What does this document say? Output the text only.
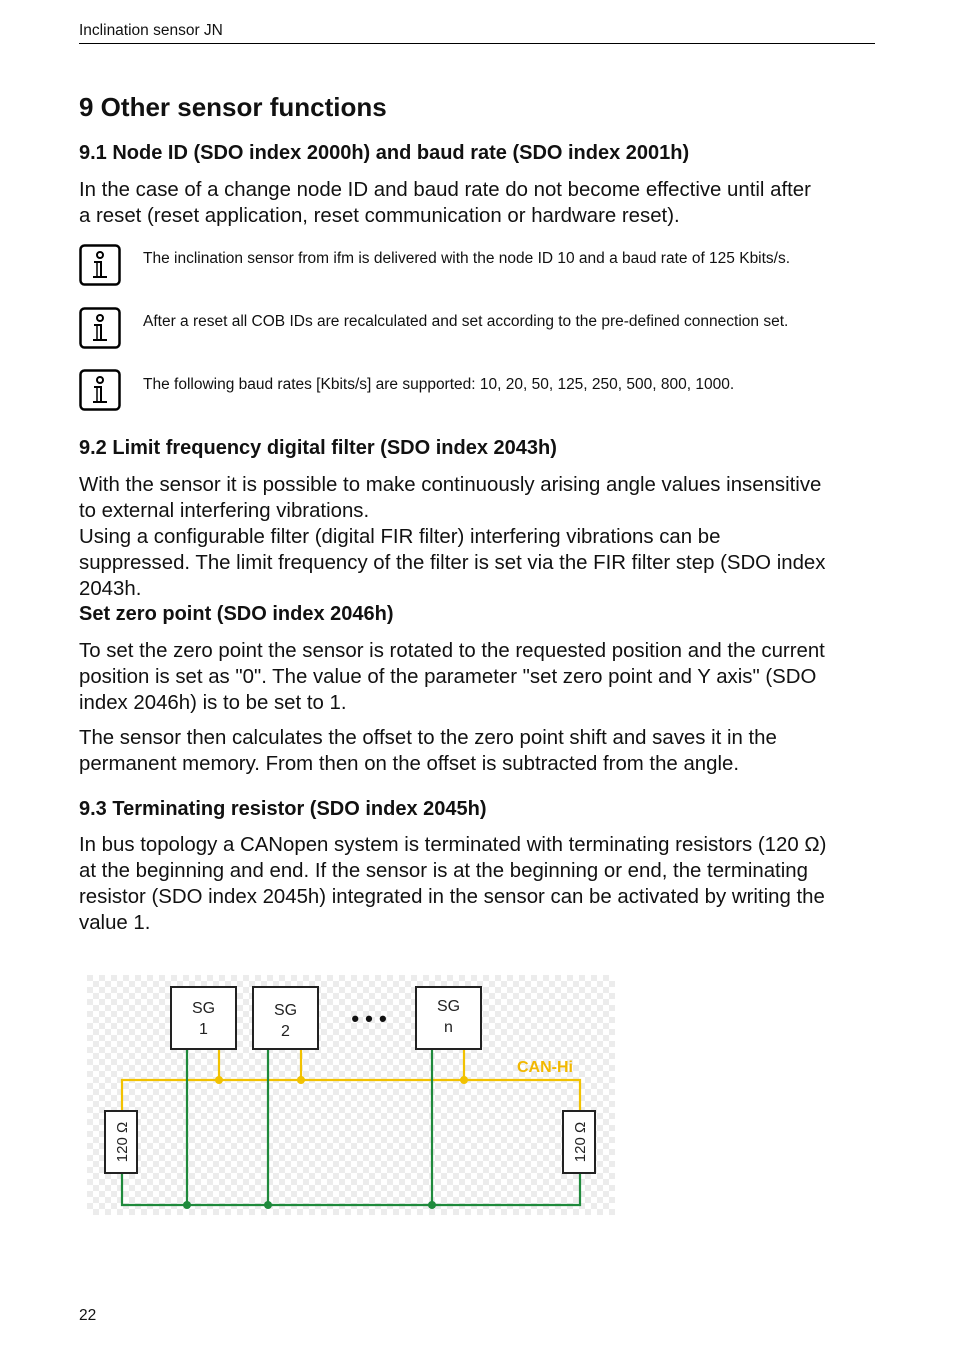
Inclination sensor JN
9 Other sensor functions
9.1 Node ID (SDO index 2000h) and baud rate (SDO index 2001h)

In the case of a change node ID and baud rate do not become effective until after

a reset (reset application, reset communication or hardware reset).

The inclination sensor from ifm is delivered with the node ID 10 and a baud rate of 125 Kbits/s.
After a reset all COB IDs are recalculated and set according to the pre-defined connection set.
The following baud rates [Kbits/s] are supported: 10, 20, 50, 125, 250, 500, 800, 1000.
9.2 Limit frequency digital filter (SDO index 2043h)

With the sensor it is possible to make continuously arising angle values insensitive

to external interfering vibrations.

Using a configurable filter (digital FIR filter) interfering vibrations can be

suppressed. The limit frequency of the filter is set via the FIR filter step (SDO index

2043h.

Set zero point (SDO index 2046h)

To set the zero point the sensor is rotated to the requested position and the current

position is set as "0". The value of the parameter "set zero point and Y axis" (SDO

index 2046h) is to be set to 1.

The sensor then calculates the offset to the zero point shift and saves it in the

permanent memory. From then on the offset is subtracted from the angle.

9.3 Terminating resistor (SDO index 2045h)

In bus topology a CANopen system is terminated with terminating resistors (120 Ω)

at the beginning and end. If the sensor is at the beginning or end, the terminating

resistor (SDO index 2045h) integrated in the sensor can be activated by writing the

value 1.

SG
1
SG
2
SG
n
• • •
CAN-Hi
120 Ω	120 Ω
22
